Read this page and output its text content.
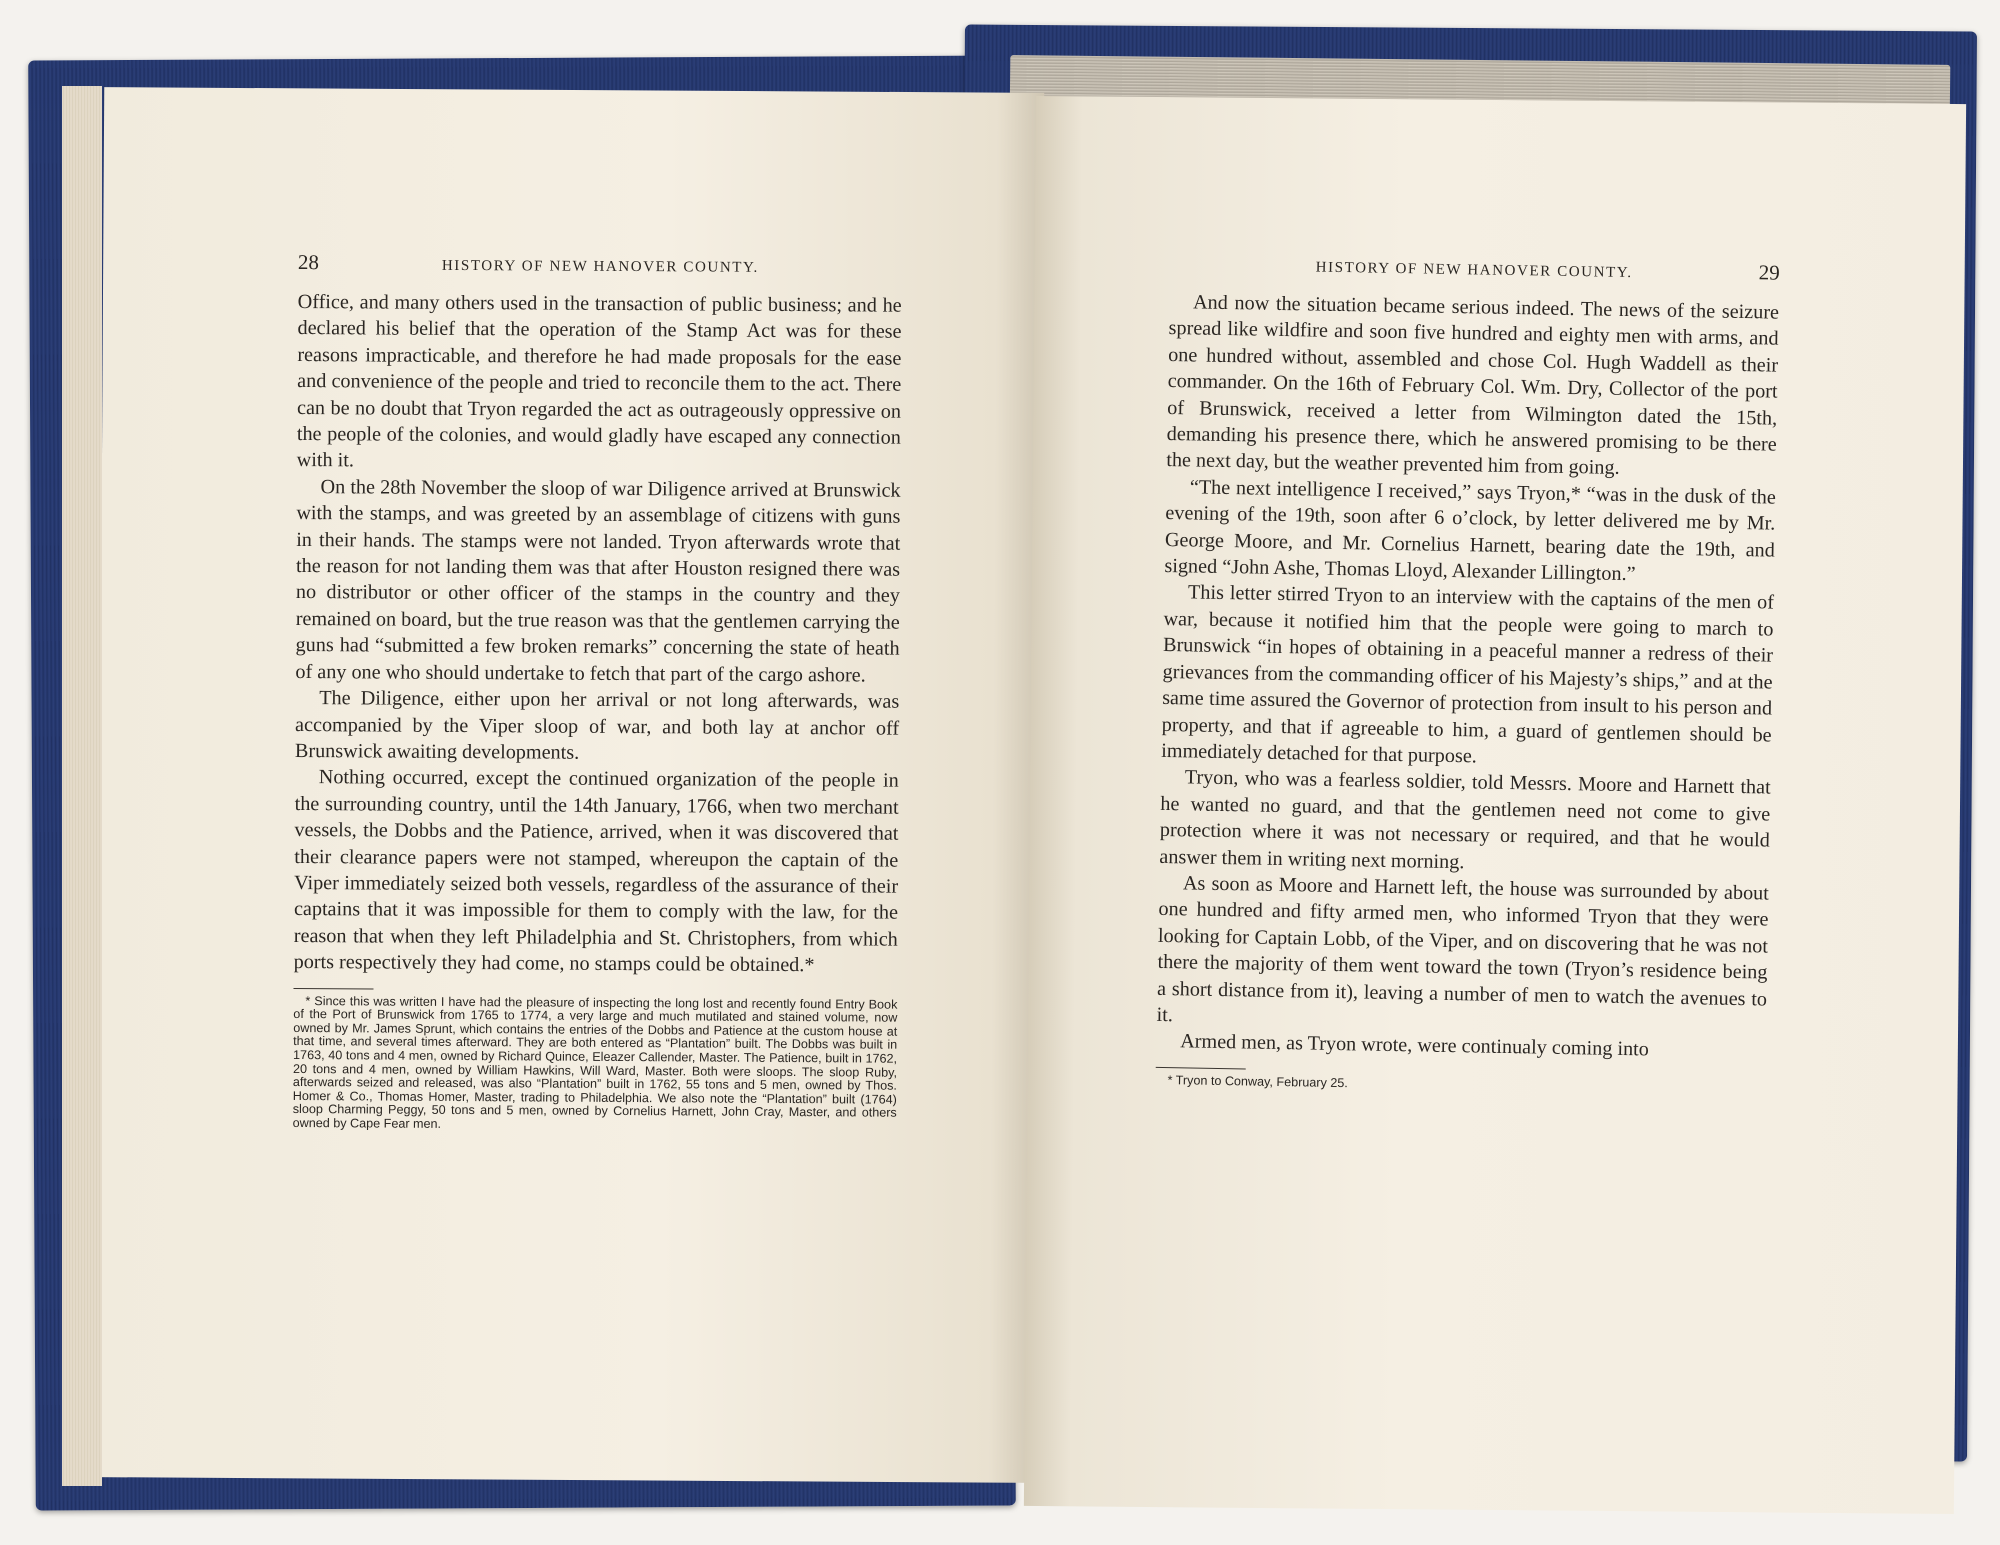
28	HISTORY OF NEW HANOVER COUNTY.

Office, and many others used in the transaction of public business; and he declared his belief that the operation of the Stamp Act was for these reasons impracticable, and therefore he had made proposals for the ease and convenience of the people and tried to reconcile them to the act. There can be no doubt that Tryon regarded the act as outrageously oppressive on the people of the colonies, and would gladly have escaped any connection with it.

On the 28th November the sloop of war Diligence arrived at Brunswick with the stamps, and was greeted by an assemblage of citizens with guns in their hands. The stamps were not landed. Tryon afterwards wrote that the reason for not landing them was that after Houston resigned there was no distributor or other officer of the stamps in the country and they remained on board, but the true reason was that the gentlemen carrying the guns had “submitted a few broken remarks” concerning the state of heath of any one who should undertake to fetch that part of the cargo ashore.

The Diligence, either upon her arrival or not long afterwards, was accompanied by the Viper sloop of war, and both lay at anchor off Brunswick awaiting developments.

Nothing occurred, except the continued organization of the people in the surrounding country, until the 14th January, 1766, when two merchant vessels, the Dobbs and the Patience, arrived, when it was discovered that their clearance papers were not stamped, whereupon the captain of the Viper immediately seized both vessels, regardless of the assurance of their captains that it was impossible for them to comply with the law, for the reason that when they left Philadelphia and St. Christophers, from which ports respectively they had come, no stamps could be obtained.*

* Since this was written I have had the pleasure of inspecting the long lost and recently found Entry Book of the Port of Brunswick from 1765 to 1774, a very large and much mutilated and stained volume, now owned by Mr. James Sprunt, which contains the entries of the Dobbs and Patience at the custom house at that time, and several times afterward. They are both entered as “Plantation” built. The Dobbs was built in 1763, 40 tons and 4 men, owned by Richard Quince, Eleazer Callender, Master. The Patience, built in 1762, 20 tons and 4 men, owned by William Hawkins, Will Ward, Master. Both were sloops. The sloop Ruby, afterwards seized and released, was also “Plantation” built in 1762, 55 tons and 5 men, owned by Thos. Homer & Co., Thomas Homer, Master, trading to Philadelphia. We also note the “Plantation” built (1764) sloop Charming Peggy, 50 tons and 5 men, owned by Cornelius Harnett, John Cray, Master, and others owned by Cape Fear men.

HISTORY OF NEW HANOVER COUNTY.	29

And now the situation became serious indeed. The news of the seizure spread like wildfire and soon five hundred and eighty men with arms, and one hundred without, assembled and chose Col. Hugh Waddell as their commander. On the 16th of February Col. Wm. Dry, Collector of the port of Brunswick, received a letter from Wilmington dated the 15th, demanding his presence there, which he answered promising to be there the next day, but the weather prevented him from going.

“The next intelligence I received,” says Tryon,* “was in the dusk of the evening of the 19th, soon after 6 o’clock, by letter delivered me by Mr. George Moore, and Mr. Cornelius Harnett, bearing date the 19th, and signed “John Ashe, Thomas Lloyd, Alexander Lillington.”

This letter stirred Tryon to an interview with the captains of the men of war, because it notified him that the people were going to march to Brunswick “in hopes of obtaining in a peaceful manner a redress of their grievances from the commanding officer of his Majesty’s ships,” and at the same time assured the Governor of protection from insult to his person and property, and that if agreeable to him, a guard of gentlemen should be immediately detached for that purpose.

Tryon, who was a fearless soldier, told Messrs. Moore and Harnett that he wanted no guard, and that the gentlemen need not come to give protection where it was not necessary or required, and that he would answer them in writing next morning.

As soon as Moore and Harnett left, the house was surrounded by about one hundred and fifty armed men, who informed Tryon that they were looking for Captain Lobb, of the Viper, and on discovering that he was not there the majority of them went toward the town (Tryon’s residence being a short distance from it), leaving a number of men to watch the avenues to it.

Armed men, as Tryon wrote, were continualy coming into

* Tryon to Conway, February 25.
